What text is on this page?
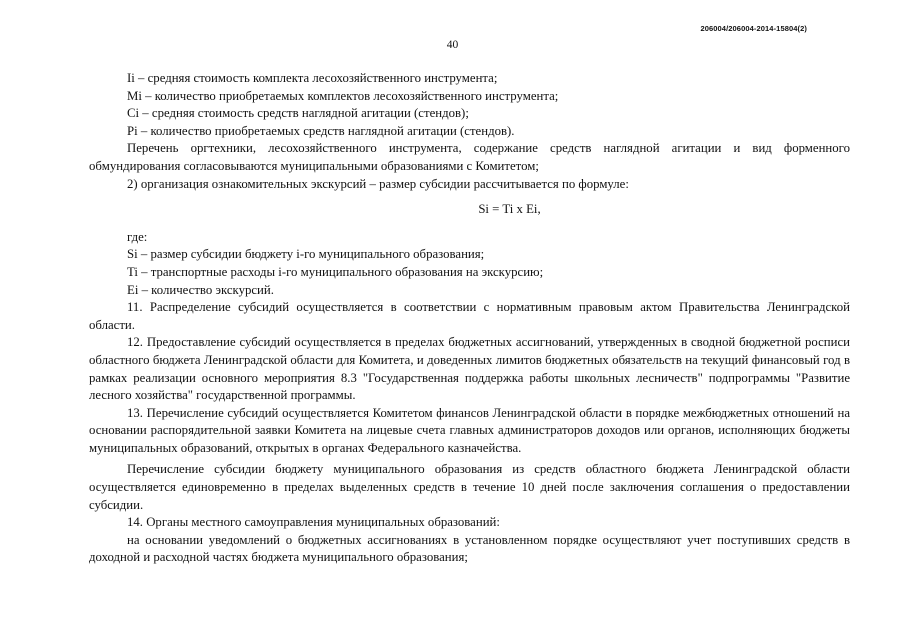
206004/206004-2014-15804(2)
40

Ii – средняя стоимость комплекта лесохозяйственного инструмента;

Mi – количество приобретаемых комплектов лесохозяйственного инструмента;

Ci – средняя стоимость средств наглядной агитации (стендов);

Pi – количество приобретаемых средств наглядной агитации (стендов).

Перечень оргтехники, лесохозяйственного инструмента, содержание средств наглядной агитации и вид форменного обмундирования согласовываются муниципальными образованиями с Комитетом;

2) организация ознакомительных экскурсий – размер субсидии рассчитывается по формуле:

Si = Ti x Ei,

где:

Si – размер субсидии бюджету i-го муниципального образования;

Ti – транспортные расходы i-го муниципального образования на экскурсию;

Ei – количество экскурсий.

11. Распределение субсидий осуществляется в соответствии с нормативным правовым актом Правительства Ленинградской области.

12. Предоставление субсидий осуществляется в пределах бюджетных ассигнований, утвержденных в сводной бюджетной росписи областного бюджета Ленинградской области для Комитета, и доведенных лимитов бюджетных обязательств на текущий финансовый год в рамках реализации основного мероприятия 8.3 "Государственная поддержка работы школьных лесничеств" подпрограммы "Развитие лесного хозяйства" государственной программы.

13. Перечисление субсидий осуществляется Комитетом финансов Ленинградской области в порядке межбюджетных отношений на основании распорядительной заявки Комитета на лицевые счета главных администраторов доходов или органов, исполняющих бюджеты муниципальных образований, открытых в органах Федерального казначейства.

Перечисление субсидии бюджету муниципального образования из средств областного бюджета Ленинградской области осуществляется единовременно в пределах выделенных средств в течение 10 дней после заключения соглашения о предоставлении субсидии.

14. Органы местного самоуправления муниципальных образований:

на основании уведомлений о бюджетных ассигнованиях в установленном порядке осуществляют учет поступивших средств в доходной и расходной частях бюджета муниципального образования;
